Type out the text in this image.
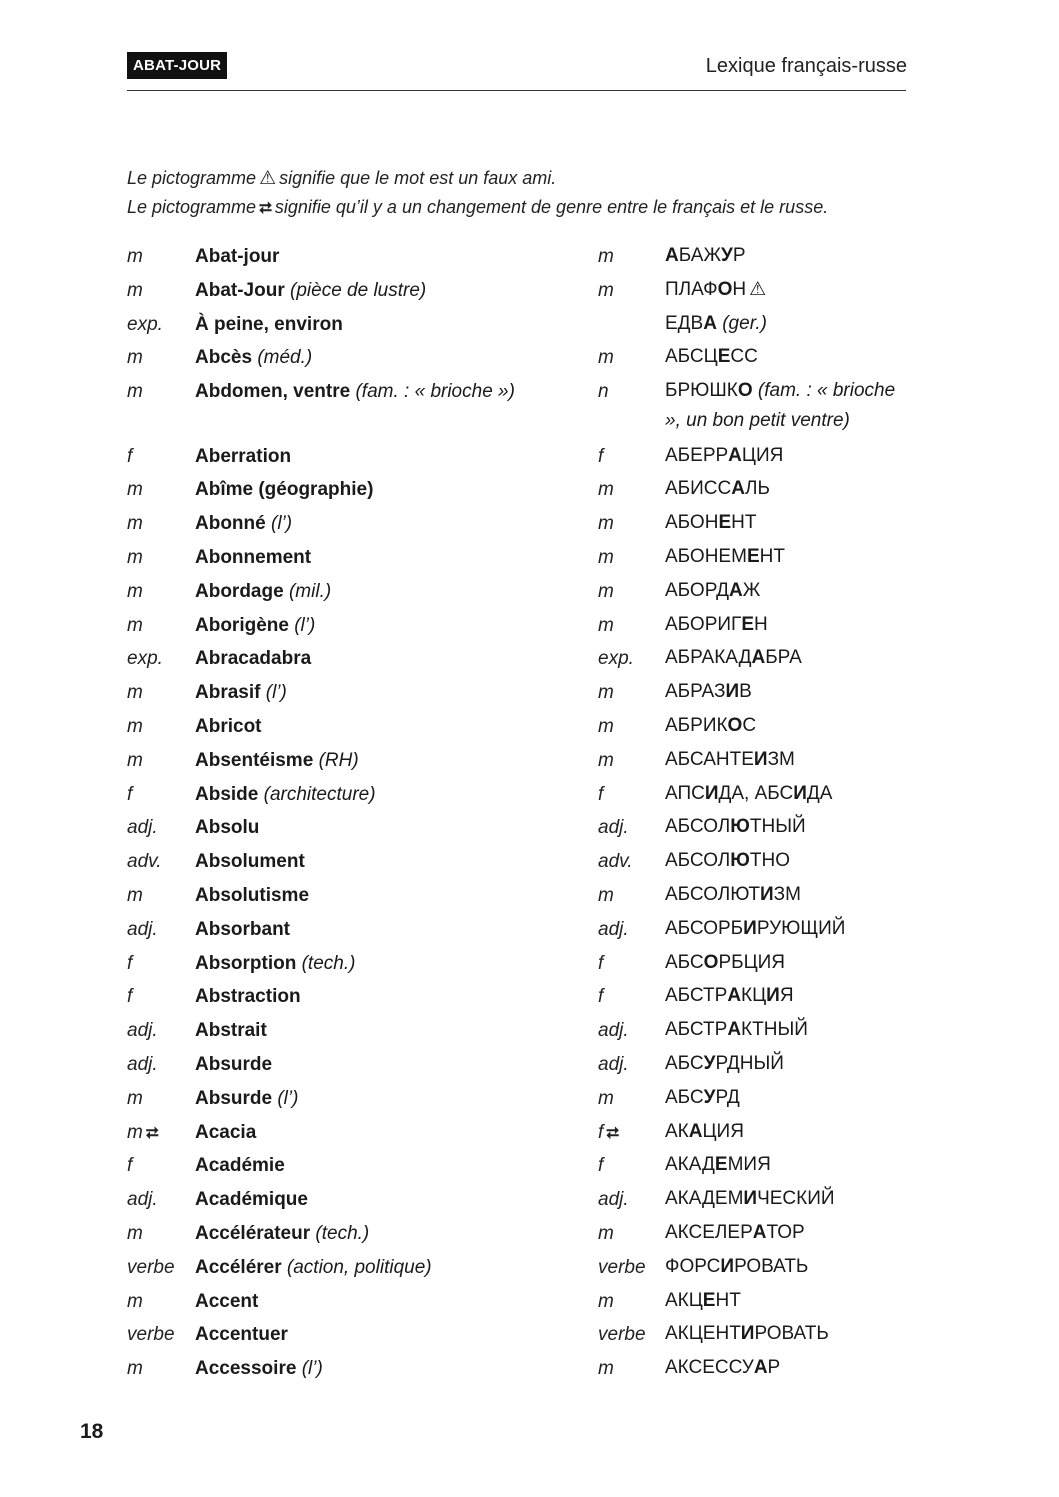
ABAT-JOUR	Lexique français-russe
Le pictogramme ⚠ signifie que le mot est un faux ami.
Le pictogramme ⮂ signifie qu’il y a un changement de genre entre le français et le russe.
m	Abat-jour	m	АБАЖУР
m	Abat-Jour (pièce de lustre)	m	ПЛАФОН ⚠
exp. À peine, environ	ЕДВА (ger.)
m	Abcès (méd.)	m	АБСЦЕСС
m	Abdomen, ventre (fam. : « brioche »)	n	БРЮШКО (fam. : « brioche », un bon petit ventre)
f	Aberration	f	АБЕРРАЦИЯ
m	Abîme (géographie)	m	АБИССАЛЬ
m	Abonné (l’)	m	АБОНЕНТ
m	Abonnement	m	АБОНЕМЕНТ
m	Abordage (mil.)	m	АБОРДАЖ
m	Aborigène (l’)	m	АБОРИГЕН
exp. Abracadabra	exp. АБРАКАДАБРА
m	Abrasif (l’)	m	АБРАЗИВ
m	Abricot	m	АБРИКОС
m	Absentéisme (RH)	m	АБСАНТЕИЗМ
f	Abside (architecture)	f	АПСИДА, АБСИДА
adj. Absolu	adj. АБСОЛЮТНЫЙ
adv. Absolument	adv. АБСОЛЮТНО
m	Absolutisme	m	АБСОЛЮТИЗМ
adj. Absorbant	adj. АБСОРБИРУЮЩИЙ
f	Absorption (tech.)	f	АБСОРБЦИЯ
f	Abstraction	f	АБСТРАКЦИЯ
adj. Abstrait	adj. АБСТРАКТНЫЙ
adj. Absurde	adj. АБСУРДНЫЙ
m	Absurde (l’)	m	АБСУРД
m ⮂ Acacia	f ⮂ АКАЦИЯ
f	Académie	f	АКАДЕМИЯ
adj. Académique	adj. АКАДЕМИЧЕСКИЙ
m	Accélérateur (tech.)	m	АКСЕЛЕРАТОР
verbe Accélérer (action, politique)	verbe ФОРСИРОВАТЬ
m	Accent	m	АКЦЕНТ
verbe Accentuer	verbe АКЦЕНТИРОВАТЬ
m	Accessoire (l’)	m	АКСЕССУАР
18
